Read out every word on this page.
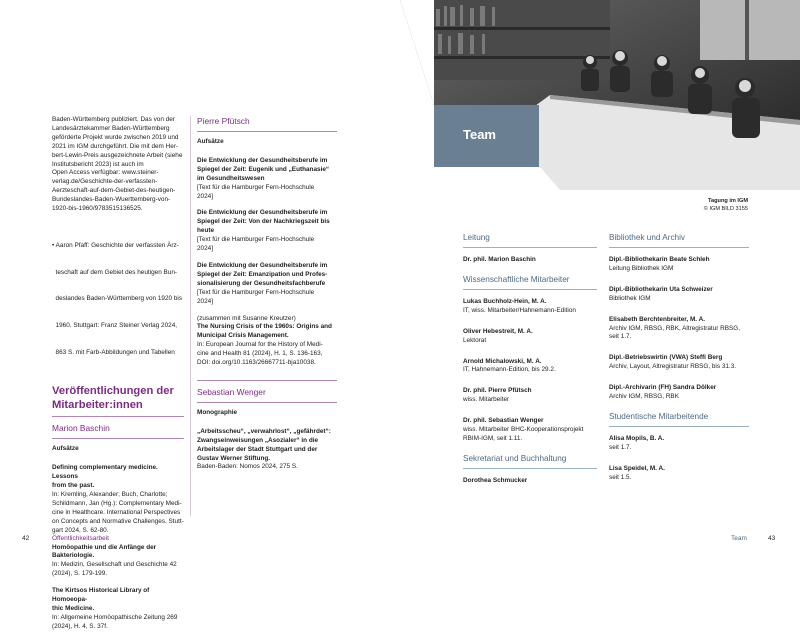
Baden-Württemberg publiziert. Das von der

Landesärztekammer Baden-Württemberg

geförderte Projekt wurde zwischen 2019 und

2021 im IGM durchgeführt. Die mit dem Her-

bert-Lewin-Preis ausgezeichnete Arbeit (siehe

Institutsbericht 2023) ist auch im

Open Access verfügbar: www.steiner-

verlag.de/Geschichte-der-verfassten-

Aerzteschaft-auf-dem-Gebiet-des-heutigen-

Bundeslandes-Baden-Wuerttemberg-von-

1920-bis-1960/9783515136525.

• Aaron Pfaff: Geschichte der verfassten Ärz-

teschaft auf dem Gebiet des heutigen Bun-

deslandes Baden-Württemberg von 1920 bis

1960. Stuttgart: Franz Steiner Verlag 2024,

863 S. mit Farb-Abbildungen und Tabellen

Veröffentlichungen der

Mitarbeiter:innen

Marion Baschin

Aufsätze

Defining complementary medicine. Lessons

from the past.

In: Kremling, Alexander; Buch, Charlotte;

Schildmann, Jan (Hg.): Complementary Medi-

cine in Healthcare. International Perspectives

on Concepts and Normative Challenges. Stutt-

gart 2024, S. 62-80.

Homöopathie und die Anfänge der

Bakteriologie.

In: Medizin, Gesellschaft und Geschichte 42

(2024), S. 179-199.

The Kirtsos Historical Library of Homoeopa-

thic Medicine.

In: Allgemeine Homöopathische Zeitung 269

(2024), H. 4, S. 37f.

Pierre Pfütsch

Aufsätze

Die Entwicklung der Gesundheitsberufe im

Spiegel der Zeit: Eugenik und „Euthanasie“

im Gesundheitswesen

[Text für die Hamburger Fern-Hochschule

2024]

Die Entwicklung der Gesundheitsberufe im

Spiegel der Zeit: Von der Nachkriegszeit bis

heute

[Text für die Hamburger Fern-Hochschule

2024]

Die Entwicklung der Gesundheitsberufe im

Spiegel der Zeit: Emanzipation und Profes-

sionalisierung der Gesundheitsfachberufe

[Text für die Hamburger Fern-Hochschule

2024]

(zusammen mit Susanne Kreutzer)

The Nursing Crisis of the 1960s: Origins and

Municipal Crisis Management.

In: European Journal for the History of Medi-

cine and Health 81 (2024), H. 1, S. 136-163,

DOI: doi.org/10.1163/26667711-bja10038.

Sebastian Wenger

Monographie

„Arbeitsscheu“, „verwahrlost“, „gefährdet“:

Zwangseinweisungen „Asozialer“ in die

Arbeitslager der Stadt Stuttgart und der

Gustav Werner Stiftung.

Baden-Baden: Nomos 2024, 275 S.

42	Öffentlichkeitsarbeit
Team
Tagung im IGM
© IGM BILD 3155

Leitung

Dr. phil. Marion Baschin

Wissenschaftliche Mitarbeiter

Lukas Buchholz-Hein, M. A.

IT, wiss. Mitarbeiter/Hahnemann-Edition

Oliver Hebestreit, M. A.

Lektorat

Arnold Michalowski, M. A.

IT, Hahnemann-Edition, bis 29.2.

Dr. phil. Pierre Pfütsch

wiss. Mitarbeiter

Dr. phil. Sebastian Wenger

wiss. Mitarbeiter BHC-Kooperationsprojekt

RBIM-IGM, seit 1.11.

Sekretariat und Buchhaltung

Dorothea Schmucker

Bibliothek und Archiv

Dipl.-Bibliothekarin Beate Schleh

Leitung Bibliothek IGM

Dipl.-Bibliothekarin Uta Schweizer

Bibliothek IGM

Elisabeth Berchtenbreiter, M. A.

Archiv IGM, RBSG, RBK, Altregistratur RBSG,

seit 1.7.

Dipl.-Betriebswirtin (VWA) Steffi Berg

Archiv, Layout, Altregistratur RBSG, bis 31.3.

Dipl.-Archivarin (FH) Sandra Dölker

Archiv IGM, RBSG, RBK

Studentische Mitarbeitende

Alisa Mopils, B. A.

seit 1.7.

Lisa Speidel, M. A.

seit 1.5.

Team	43
